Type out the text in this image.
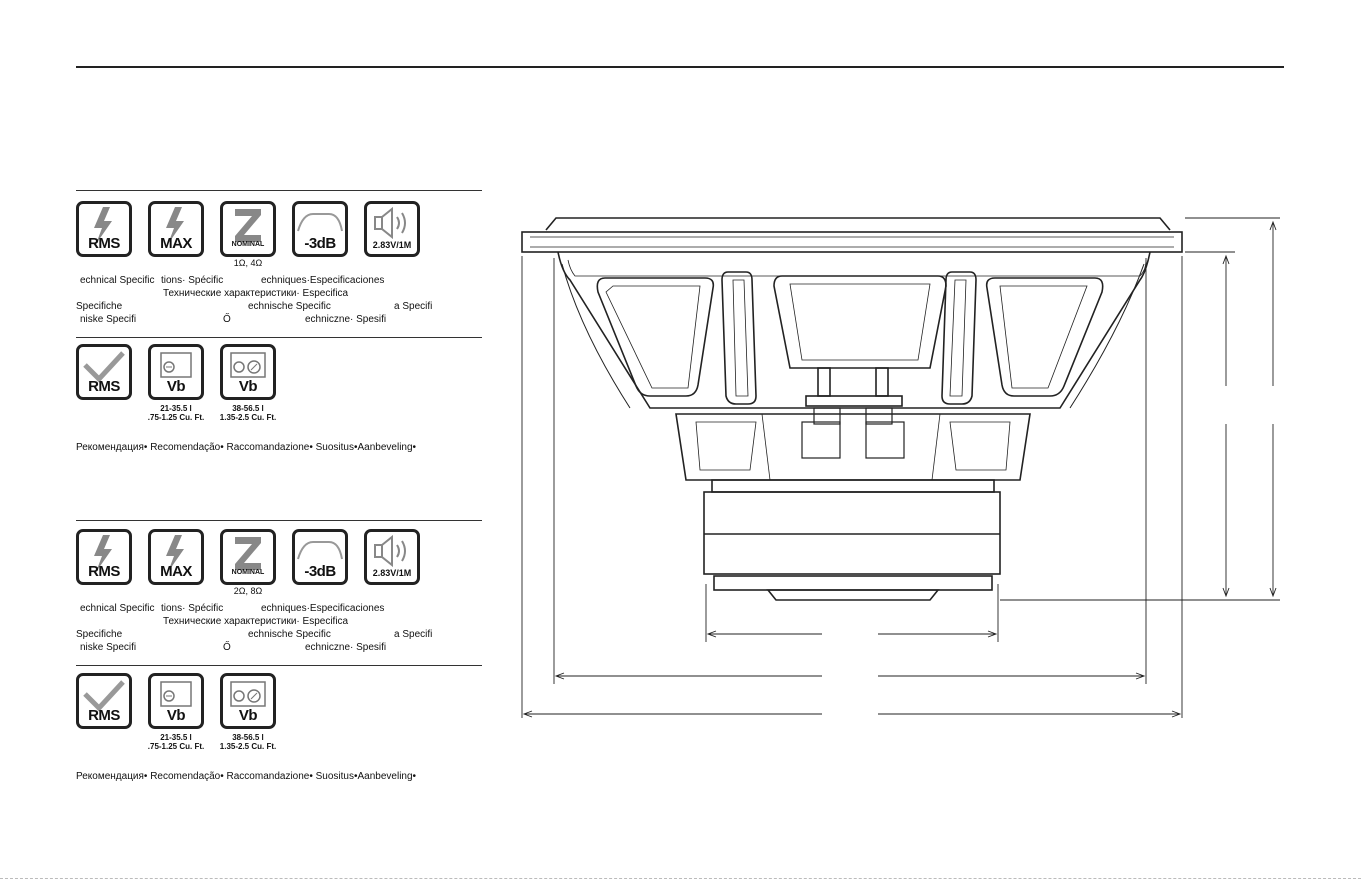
RMS	MAX	NOMINAL	-3dB	2.83V/1M
1Ω, 4Ω
echnical Specific tions· Spécific	echniques·Especificaciones
Технические характеристики· Especifica
Specifiche	echnische Specific	a Specifi
niske Specifi	Ő	echniczne· Spesifi
RMS	Vb	Vb
21-35.5 l
.75-1.25 Cu. Ft.
38-56.5 l
1.35-2.5 Cu. Ft.
Рекомендация• Recomendação• Raccomandazione• Suositus•Aanbeveling•
RMS	MAX	NOMINAL	-3dB	2.83V/1M
2Ω, 8Ω
echnical Specific tions· Spécific	echniques·Especificaciones
Технические характеристики· Especifica
Specifiche	echnische Specific	a Specifi
niske Specifi	Ő	echniczne· Spesifi
RMS	Vb	Vb
21-35.5 l
.75-1.25 Cu. Ft.
38-56.5 l
1.35-2.5 Cu. Ft.
Рекомендация• Recomendação• Raccomandazione• Suositus•Aanbeveling•
